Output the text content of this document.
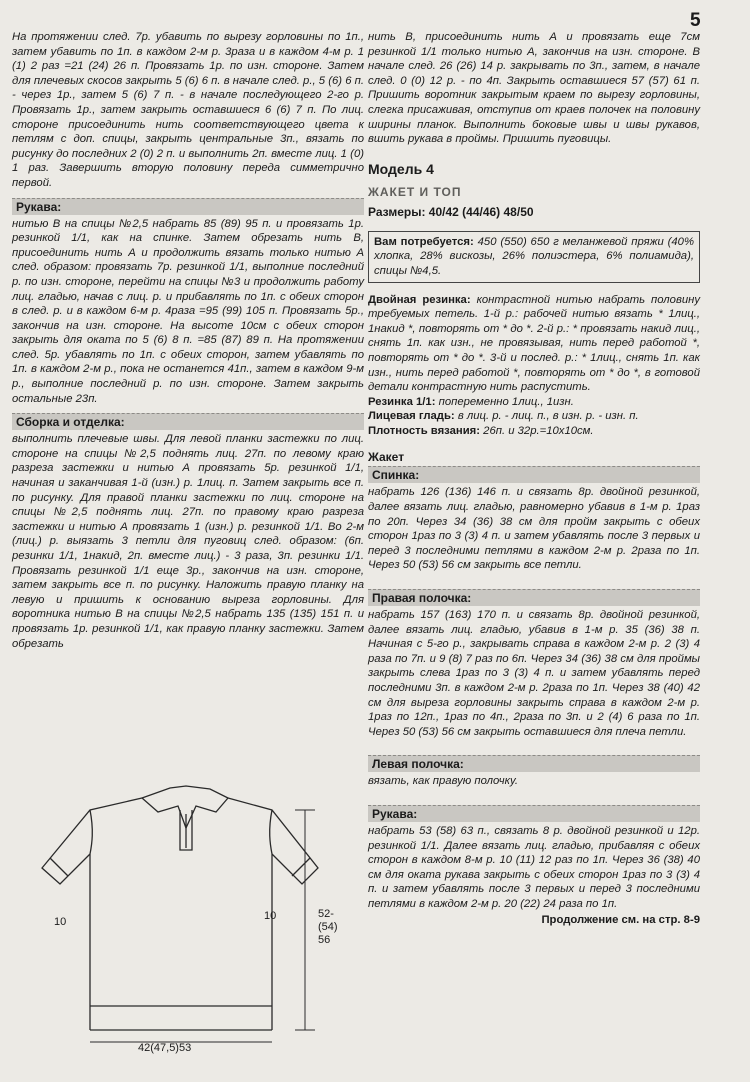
5

На протяжении след. 7р. убавить по вырезу горловины по 1п., затем убавить по 1п. в каждом 2-м р. 3раза и в каждом 4-м р. 1 (1) 2 раз =21 (24) 26 п. Провязать 1р. по изн. стороне. Затем для плечевых скосов закрыть 5 (6) 6 п. в начале след. р., 5 (6) 6 п. - через 1р., затем 5 (6) 7 п. - в начале последующего 2-го р. Провязать 1р., затем закрыть оставшиеся 6 (6) 7 п. По лиц. стороне присоединить нить соответствующего цвета к петлям с доп. спицы, закрыть центральные 3п., вязать по рисунку до последних 2 (0) 2 п. и выполнить 2п. вместе лиц. 1 (0) 1 раз. Завершить вторую половину переда симметрично первой.

Рукава:

нитью В на спицы №2,5 набрать 85 (89) 95 п. и провязать 1р. резинкой 1/1, как на спинке. Затем обрезать нить В, присоединить нить А и продолжить вязать только нитью А след. образом: провязать 7р. резинкой 1/1, выполние последний р. по изн. стороне, перейти на спицы №3 и продолжить работу лиц. гладью, начав с лиц. р. и прибавлять по 1п. с обеих сторон в след. р. и в каждом 6-м р. 4раза =95 (99) 105 п. Провязать 5р., закончив на изн. стороне. На высоте 10см с обеих сторон закрыть для оката по 5 (6) 8 п. =85 (87) 89 п. На протяжении след. 5р. убавлять по 1п. с обеих сторон, затем убавлять по 1п. в каждом 2-м р., пока не останется 41п., затем в каждом 9-м р., выполние последний р. по изн. стороне. Затем закрыть остальные 23п.

Сборка и отделка:

выполнить плечевые швы. Для левой планки застежки по лиц. стороне на спицы №2,5 поднять лиц. 27п. по левому краю разреза застежки и нитью А провязать 5р. резинкой 1/1, начиная и заканчивая 1-й (изн.) р. 1лиц. п. Затем закрыть все п. по рисунку. Для правой планки застежки по лиц. стороне на спицы №2,5 поднять лиц. 27п. по правому краю разреза застежки и нитью А провязать 1 (изн.) р. резинкой 1/1. Во 2-м (лиц.) р. выязать 3 петли для пуговиц след. образом: (6п. резинки 1/1, 1накид, 2п. вместе лиц.) - 3 раза, 3п. резинки 1/1. Провязать резинкой 1/1 еще 3р., закончив на изн. стороне, затем закрыть все п. по рисунку. Наложить правую планку на левую и пришить к основанию выреза горловины. Для воротника нитью В на спицы №2,5 набрать 135 (135) 151 п. и провязать 1р. резинкой 1/1, как правую планку застежки. Затем обрезать

10	10	52-
(54)
56
42(47,5)53

нить В, присоединить нить А и провязать еще 7см резинкой 1/1 только нитью А, закончив на изн. стороне. В начале след. 26 (26) 14 р. закрывать по 3п., затем, в начале след. 0 (0) 12 р. - по 4п. Закрыть оставшиеся 57 (57) 61 п. Пришить воротник закрытым краем по вырезу горловины, слегка присаживая, отступив от краев полочек на половину ширины планок. Выполнить боковые швы и швы рукавов, вшить рукава в проймы. Пришить пуговицы.

Модель 4
ЖАКЕТ И ТОП
Размеры: 40/42 (44/46) 48/50

Вам потребуется: 450 (550) 650 г меланжевой пряжи (40% хлопка, 28% вискозы, 26% полиэстера, 6% полиамида), спицы №4,5.

Двойная резинка: контрастной нитью набрать половину требуемых петель. 1-й р.: рабочей нитью вязать * 1лиц., 1накид *, повторять от * до *. 2-й р.: * провязать накид лиц., снять 1п. как изн., не провязывая, нить перед работой *, повторять от * до *. 3-й и послед. р.: * 1лиц., снять 1п. как изн., нить перед работой *, повторять от * до *, в готовой детали контрастную нить распустить.

Резинка 1/1: попеременно 1лиц., 1изн.

Лицевая гладь: в лиц. р. - лиц. п., в изн. р. - изн. п.

Плотность вязания: 26п. и 32р.=10х10см.

Жакет
Спинка:

набрать 126 (136) 146 п. и связать 8р. двойной резинкой, далее вязать лиц. гладью, равномерно убавив в 1-м р. 1раз по 20п. Через 34 (36) 38 см для пройм закрыть с обеих сторон 1раз по 3 (3) 4 п. и затем убавлять после 3 первых и перед 3 последними петлями в каждом 2-м р. 2раза по 1п. Через 50 (53) 56 см закрыть все петли.

Правая полочка:

набрать 157 (163) 170 п. и связать 8р. двойной резинкой, далее вязать лиц. гладью, убавив в 1-м р. 35 (36) 38 п. Начиная с 5-го р., закрывать справа в каждом 2-м р. 2 (3) 4 раза по 7п. и 9 (8) 7 раз по 6п. Через 34 (36) 38 см для проймы закрыть слева 1раз по 3 (3) 4 п. и затем убавлять перед последними 3п. в каждом 2-м р. 2раза по 1п. Через 38 (40) 42 см для выреза горловины закрыть справа в каждом 2-м р. 1раз по 12п., 1раз по 4п., 2раза по 3п. и 2 (4) 6 раза по 1п. Через 50 (53) 56 см закрыть оставшиеся для плеча петли.

Левая полочка:

вязать, как правую полочку.

Рукава:

набрать 53 (58) 63 п., связать 8 р. двойной резинкой и 12р. резинкой 1/1. Далее вязать лиц. гладью, прибавляя с обеих сторон в каждом 8-м р. 10 (11) 12 раз по 1п. Через 36 (38) 40 см для оката рукава закрыть с обеих сторон 1раз по 3 (3) 4 п. и затем убавлять после 3 первых и перед 3 последними петлями в каждом 2-м р. 20 (22) 24 раза по 1п.

Продолжение см. на стр. 8-9
